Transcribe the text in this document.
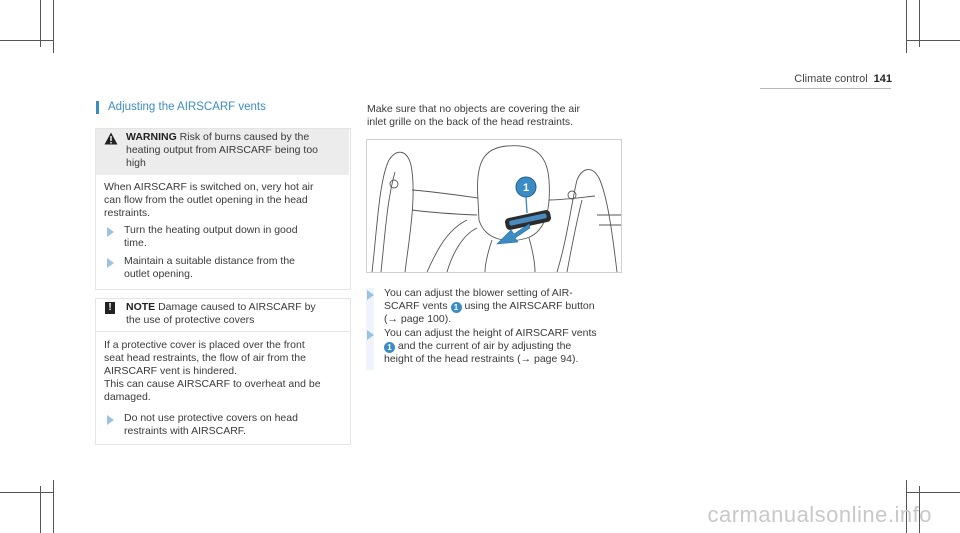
Climate control 141
Adjusting the AIRSCARF vents
WARNING Risk of burns caused by the
heating output from AIRSCARF being too
high
When AIRSCARF is switched on, very hot air
can flow from the outlet opening in the head
restraints.
Turn the heating output down in good
time.
Maintain a suitable distance from the
outlet opening.
!	NOTE Damage caused to AIRSCARF by
the use of protective covers
If a protective cover is placed over the front
seat head restraints, the flow of air from the
AIRSCARF vent is hindered.
This can cause AIRSCARF to overheat and be
damaged.
Do not use protective covers on head
restraints with AIRSCARF.
Make sure that no objects are covering the air
inlet grille on the back of the head restraints.
1
You can adjust the blower setting of AIR-
SCARF vents 1 using the AIRSCARF button
(→ page 100).
You can adjust the height of AIRSCARF vents
1 and the current of air by adjusting the
height of the head restraints (→ page 94).
carmanualsonline.info
